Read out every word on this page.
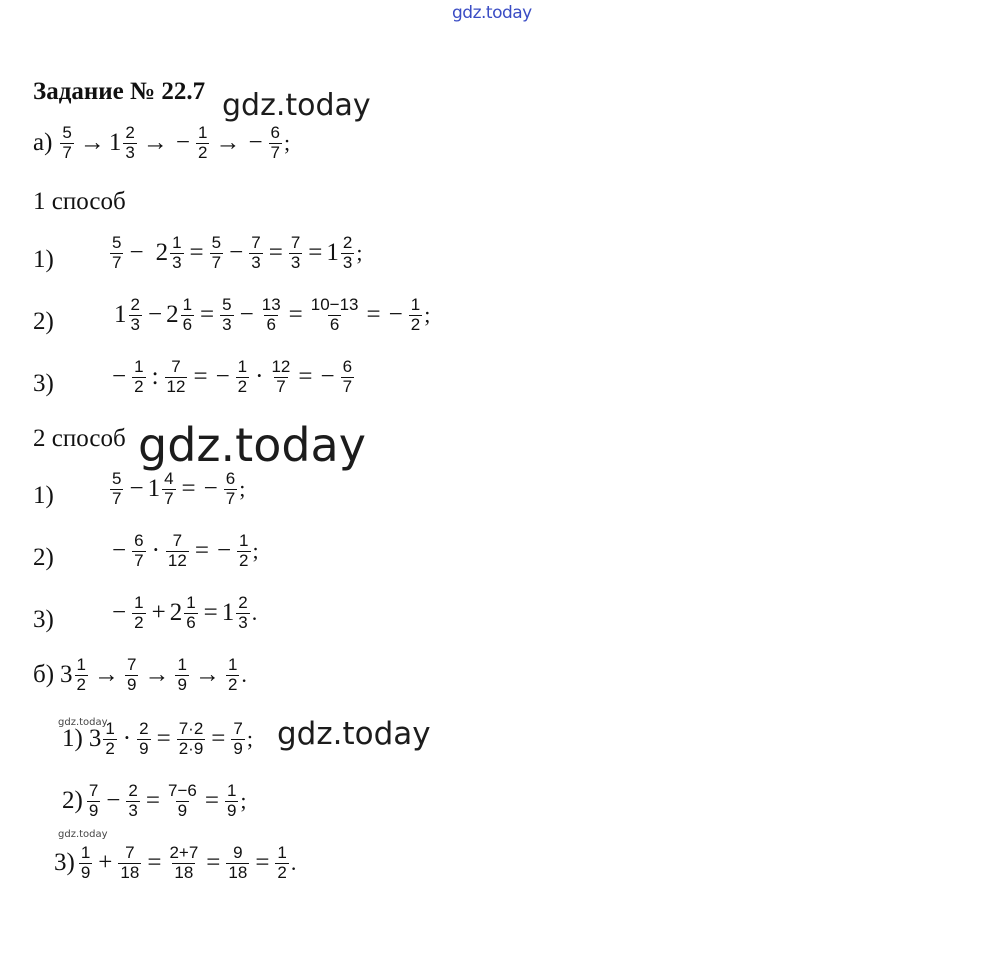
gdz.today
gdz.today
gdz.today
gdz.today
gdz.today
gdz.today
Задание № 22.7
$а) \frac{5}{7} \to 1 \frac{2}{3}$ → − $\frac{1}{2}$ → − $\frac{6}{7}$ ;
1 способ
1)	$\frac{5}{7} - 2 \frac{1}{3} = \frac{5}{7} - \frac{7}{3} = \frac{7}{3} = 1 \frac{2}{3}$ ;
2) $1 \frac{2}{3} - 2 \frac{1}{6} = \frac{5}{3} - \frac{13}{6} = \frac{10-13}{6}$ = − $\frac{1}{2}$ ;
$3) - \frac{1}{2}$ : $\frac{7}{12}$ = − $\frac{1}{2} \cdot \frac{12}{7}$ = − $\frac{6}{7}$
2 способ
1)	$\frac{5}{7} - 1 \frac{4}{7}$ = − $\frac{6}{7}$ ;
$2) - \frac{6}{7} \cdot \frac{7}{12}$ = − $\frac{1}{2}$ ;
$3) - \frac{1}{2} + 2 \frac{1}{6} = 1 \frac{2}{3}$ .
б) $3 \frac{1}{2} \to \frac{7}{9} \to \frac{1}{9} \to \frac{1}{2}$ .
1) $3 \frac{1}{2} \cdot \frac{2}{9} = \frac{7\cdot 2}{2\cdot 9} = \frac{7}{9}$ ;
$2) \frac{7}{9} - \frac{2}{3} = \frac{7-6}{9} = \frac{1}{9}$ ;
$3) \frac{1}{9} + \frac{7}{18} = \frac{2+7}{18} = \frac{9}{18} = \frac{1}{2}$ .
